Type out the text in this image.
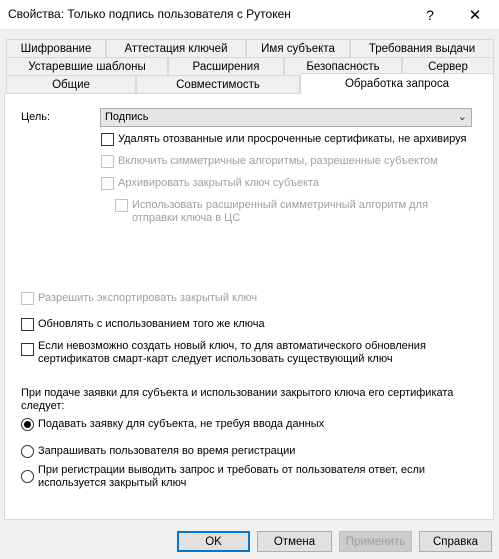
Свойства: Только подпись пользователя с Рутокен	?	✕
Шифрование	Аттестация ключей	Имя субъекта	Требования выдачи
Устаревшие шаблоны	Расширения	Безопасность	Сервер
Общие	Совместимость	Обработка запроса
Цель:	Подпись	⌄
Удалять отозванные или просроченные сертификаты, не архивируя
Включить симметричные алгоритмы, разрешенные субъектом
Архивировать закрытый ключ субъекта
Использовать расширенный симметричный алгоритм для
отправки ключа в ЦС
Разрешить экспортировать закрытый ключ
Обновлять с использованием того же ключа
Если невозможно создать новый ключ, то для автоматического обновления
сертификатов смарт-карт следует использовать существующий ключ
При подаче заявки для субъекта и использовании закрытого ключа его сертификата
следует:
Подавать заявку для субъекта, не требуя ввода данных
Запрашивать пользователя во время регистрации
При регистрации выводить запрос и требовать от пользователя ответ, если
используется закрытый ключ
OK	Отмена	Применить	Справка
